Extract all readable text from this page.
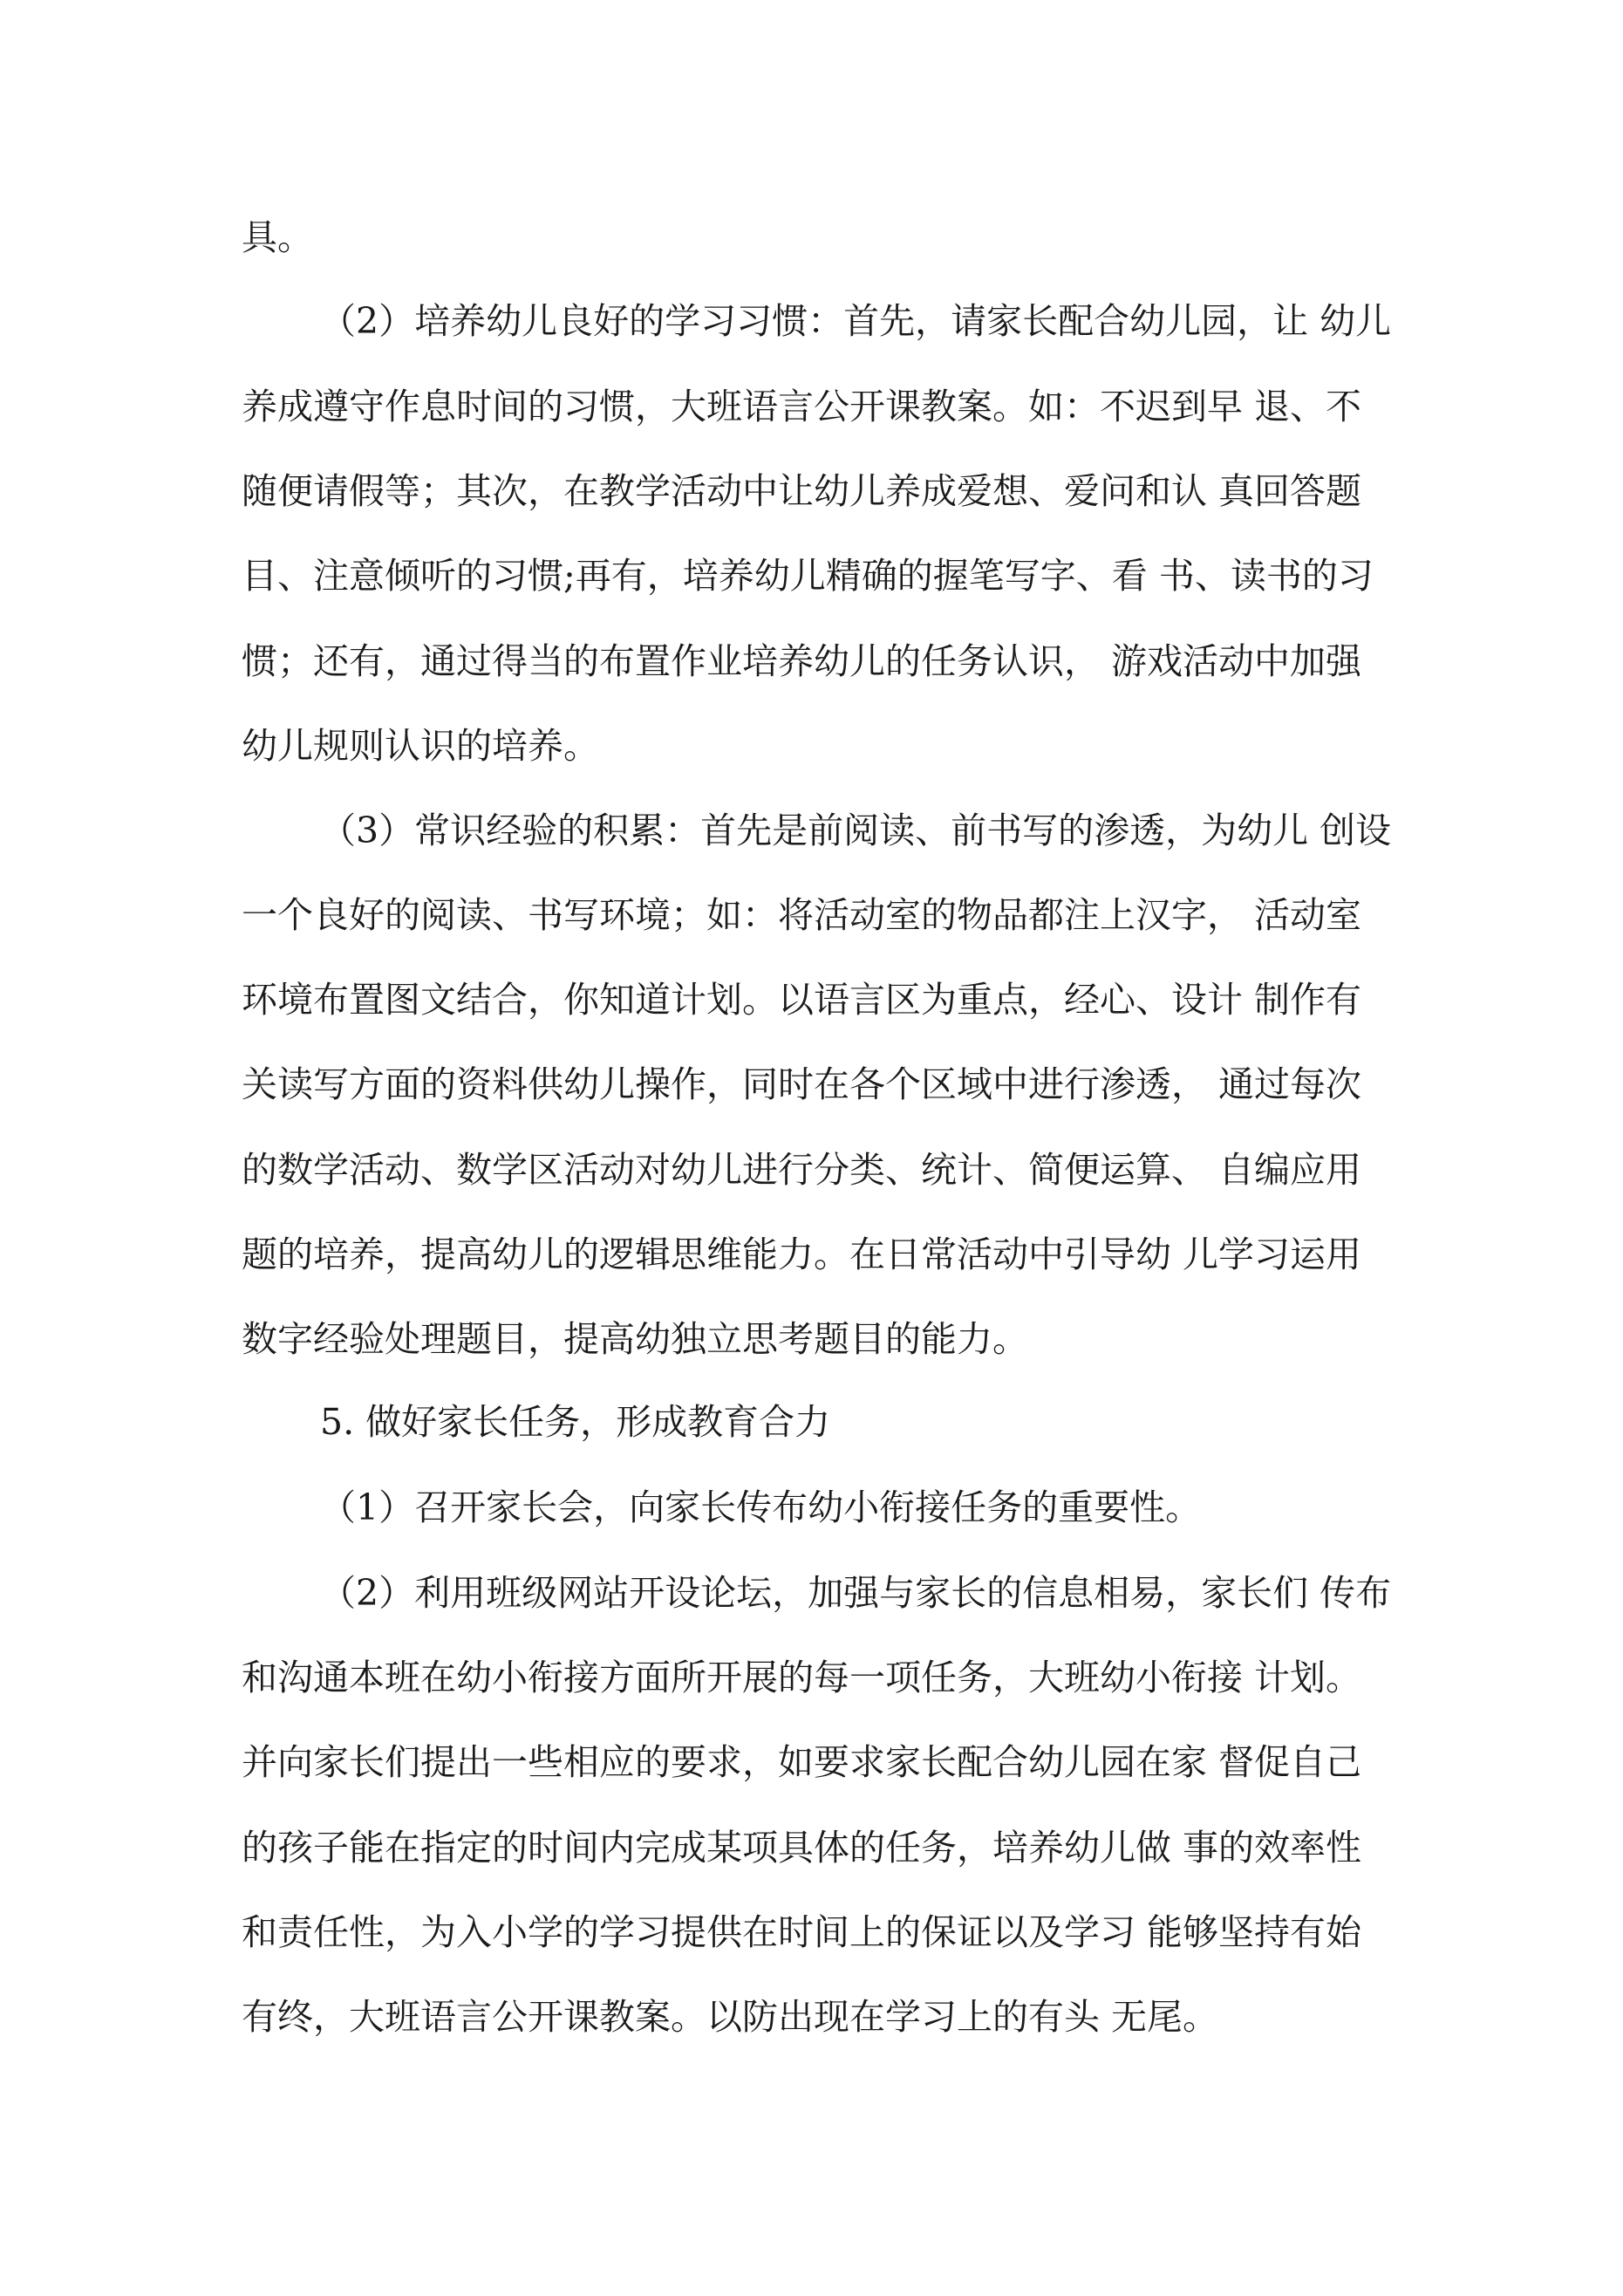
具。

（2）培养幼儿良好的学习习惯：首先，请家长配合幼儿园，让 幼儿

养成遵守作息时间的习惯，大班语言公开课教案。如：不迟到早 退、不

随便请假等；其次，在教学活动中让幼儿养成爱想、爱问和认 真回答题

目、注意倾听的习惯;再有，培养幼儿精确的握笔写字、看 书、读书的习

惯；还有，通过得当的布置作业培养幼儿的任务认识， 游戏活动中加强

幼儿规则认识的培养。

（3）常识经验的积累：首先是前阅读、前书写的渗透，为幼儿 创设

一个良好的阅读、书写环境；如：将活动室的物品都注上汉字， 活动室

环境布置图文结合，你知道计划。以语言区为重点，经心、设计 制作有

关读写方面的资料供幼儿操作，同时在各个区域中进行渗透， 通过每次

的数学活动、数学区活动对幼儿进行分类、统计、简便运算、 自编应用

题的培养，提高幼儿的逻辑思维能力。在日常活动中引导幼 儿学习运用

数字经验处理题目，提高幼独立思考题目的能力。

5. 做好家长任务，形成教育合力

（1）召开家长会，向家长传布幼小衔接任务的重要性。

（2）利用班级网站开设论坛，加强与家长的信息相易，家长们 传布

和沟通本班在幼小衔接方面所开展的每一项任务，大班幼小衔接 计划。

并向家长们提出一些相应的要求，如要求家长配合幼儿园在家 督促自己

的孩子能在指定的时间内完成某项具体的任务，培养幼儿做 事的效率性

和责任性，为入小学的学习提供在时间上的保证以及学习 能够坚持有始

有终，大班语言公开课教案。以防出现在学习上的有头 无尾。
